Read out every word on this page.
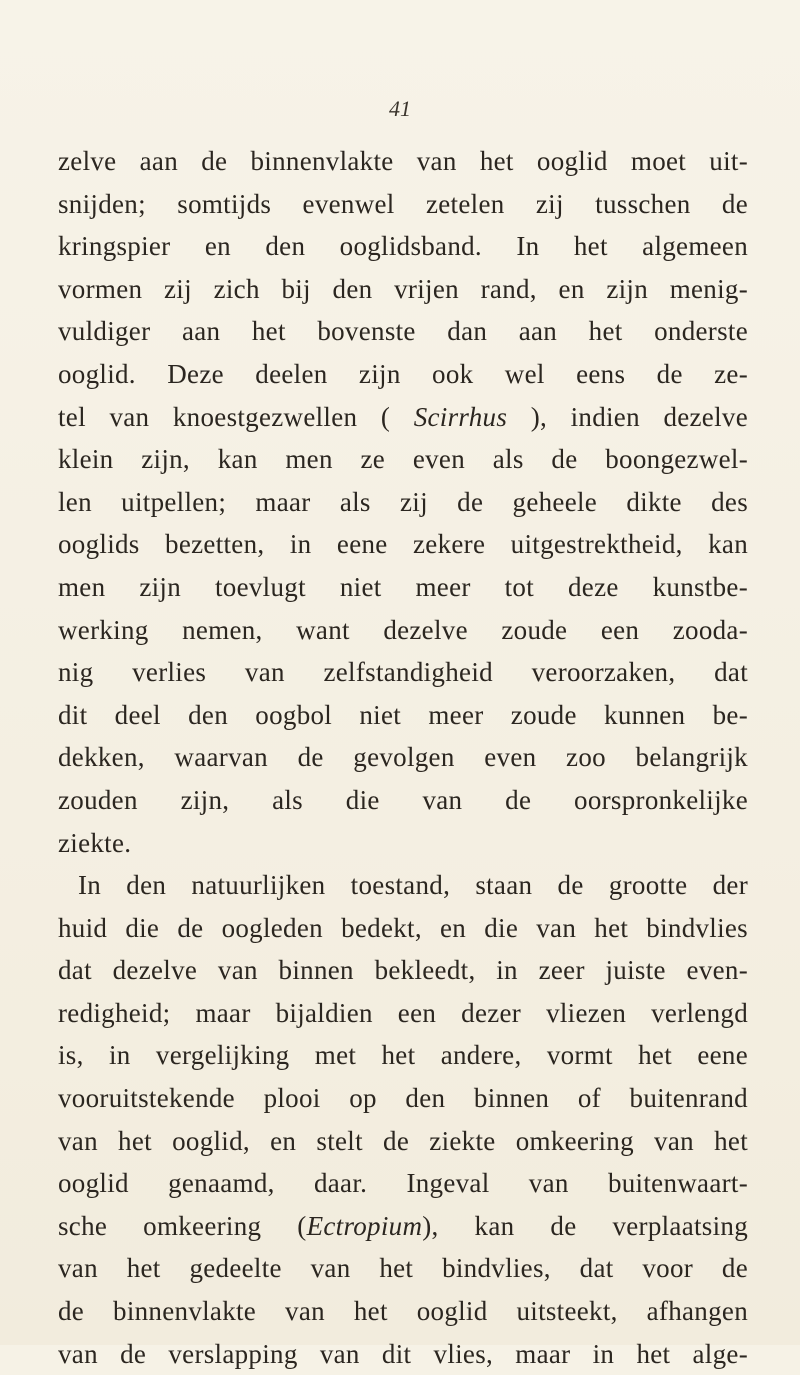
41
zelve aan de binnenvlakte van het ooglid moet uit-
snijden; somtijds evenwel zetelen zij tusschen de
kringspier en den ooglidsband. In het algemeen
vormen zij zich bij den vrijen rand, en zijn menig-
vuldiger aan het bovenste dan aan het onderste
ooglid. Deze deelen zijn ook wel eens de ze-
tel van knoestgezwellen ( Scirrhus ), indien dezelve
klein zijn, kan men ze even als de boongezwel-
len uitpellen; maar als zij de geheele dikte des
ooglids bezetten, in eene zekere uitgestrektheid, kan
men zijn toevlugt niet meer tot deze kunstbe-
werking nemen, want dezelve zoude een zooda-
nig verlies van zelfstandigheid veroorzaken, dat
dit deel den oogbol niet meer zoude kunnen be-
dekken, waarvan de gevolgen even zoo belangrijk
zouden zijn, als die van de oorspronkelijke
ziekte.
In den natuurlijken toestand, staan de grootte der
huid die de oogleden bedekt, en die van het bindvlies
dat dezelve van binnen bekleedt, in zeer juiste even-
redigheid; maar bijaldien een dezer vliezen verlengd
is, in vergelijking met het andere, vormt het eene
vooruitstekende plooi op den binnen of buitenrand
van het ooglid, en stelt de ziekte omkeering van het
ooglid genaamd, daar. Ingeval van buitenwaart-
sche omkeering (Ectropium), kan de verplaatsing
van het gedeelte van het bindvlies, dat voor de
de binnenvlakte van het ooglid uitsteekt, afhangen
van de verslapping van dit vlies, maar in het alge-
